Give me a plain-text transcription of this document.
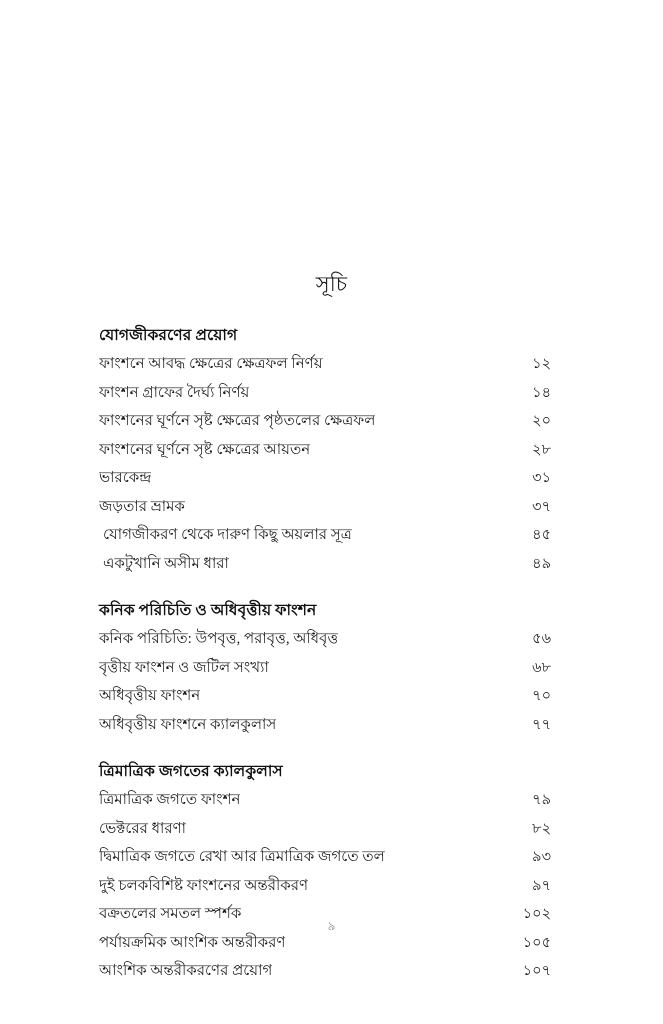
সূচি
যোগজীকরণের প্রয়োগ
ফাংশনে আবদ্ধ ক্ষেত্রের ক্ষেত্রফল নির্ণয়	১২
ফাংশন গ্রাফের দৈর্ঘ্য নির্ণয়	১৪
ফাংশনের ঘূর্ণনে সৃষ্ট ক্ষেত্রের পৃষ্ঠতলের ক্ষেত্রফল	২০
ফাংশনের ঘূর্ণনে সৃষ্ট ক্ষেত্রের আয়তন	২৮
ভারকেন্দ্র	৩১
জড়তার ভ্রামক	৩৭
যোগজীকরণ থেকে দারুণ কিছু অয়লার সূত্র	৪৫
একটুখানি অসীম ধারা	৪৯
কনিক পরিচিতি ও অধিবৃত্তীয় ফাংশন
কনিক পরিচিতি: উপবৃত্ত, পরাবৃত্ত, অধিবৃত্ত	৫৬
বৃত্তীয় ফাংশন ও জটিল সংখ্যা	৬৮
অধিবৃত্তীয় ফাংশন	৭০
অধিবৃত্তীয় ফাংশনে ক্যালকুলাস	৭৭
ত্রিমাত্রিক জগতের ক্যালকুলাস
ত্রিমাত্রিক জগতে ফাংশন	৭৯
ভেক্টরের ধারণা	৮২
দ্বিমাত্রিক জগতে রেখা আর ত্রিমাত্রিক জগতে তল	৯৩
দুই চলকবিশিষ্ট ফাংশনের অন্তরীকরণ	৯৭
বক্রতলের সমতল স্পর্শক	১০২
পর্যায়ক্রমিক আংশিক অন্তরীকরণ	১০৫
আংশিক অন্তরীকরণের প্রয়োগ	১০৭
৯
